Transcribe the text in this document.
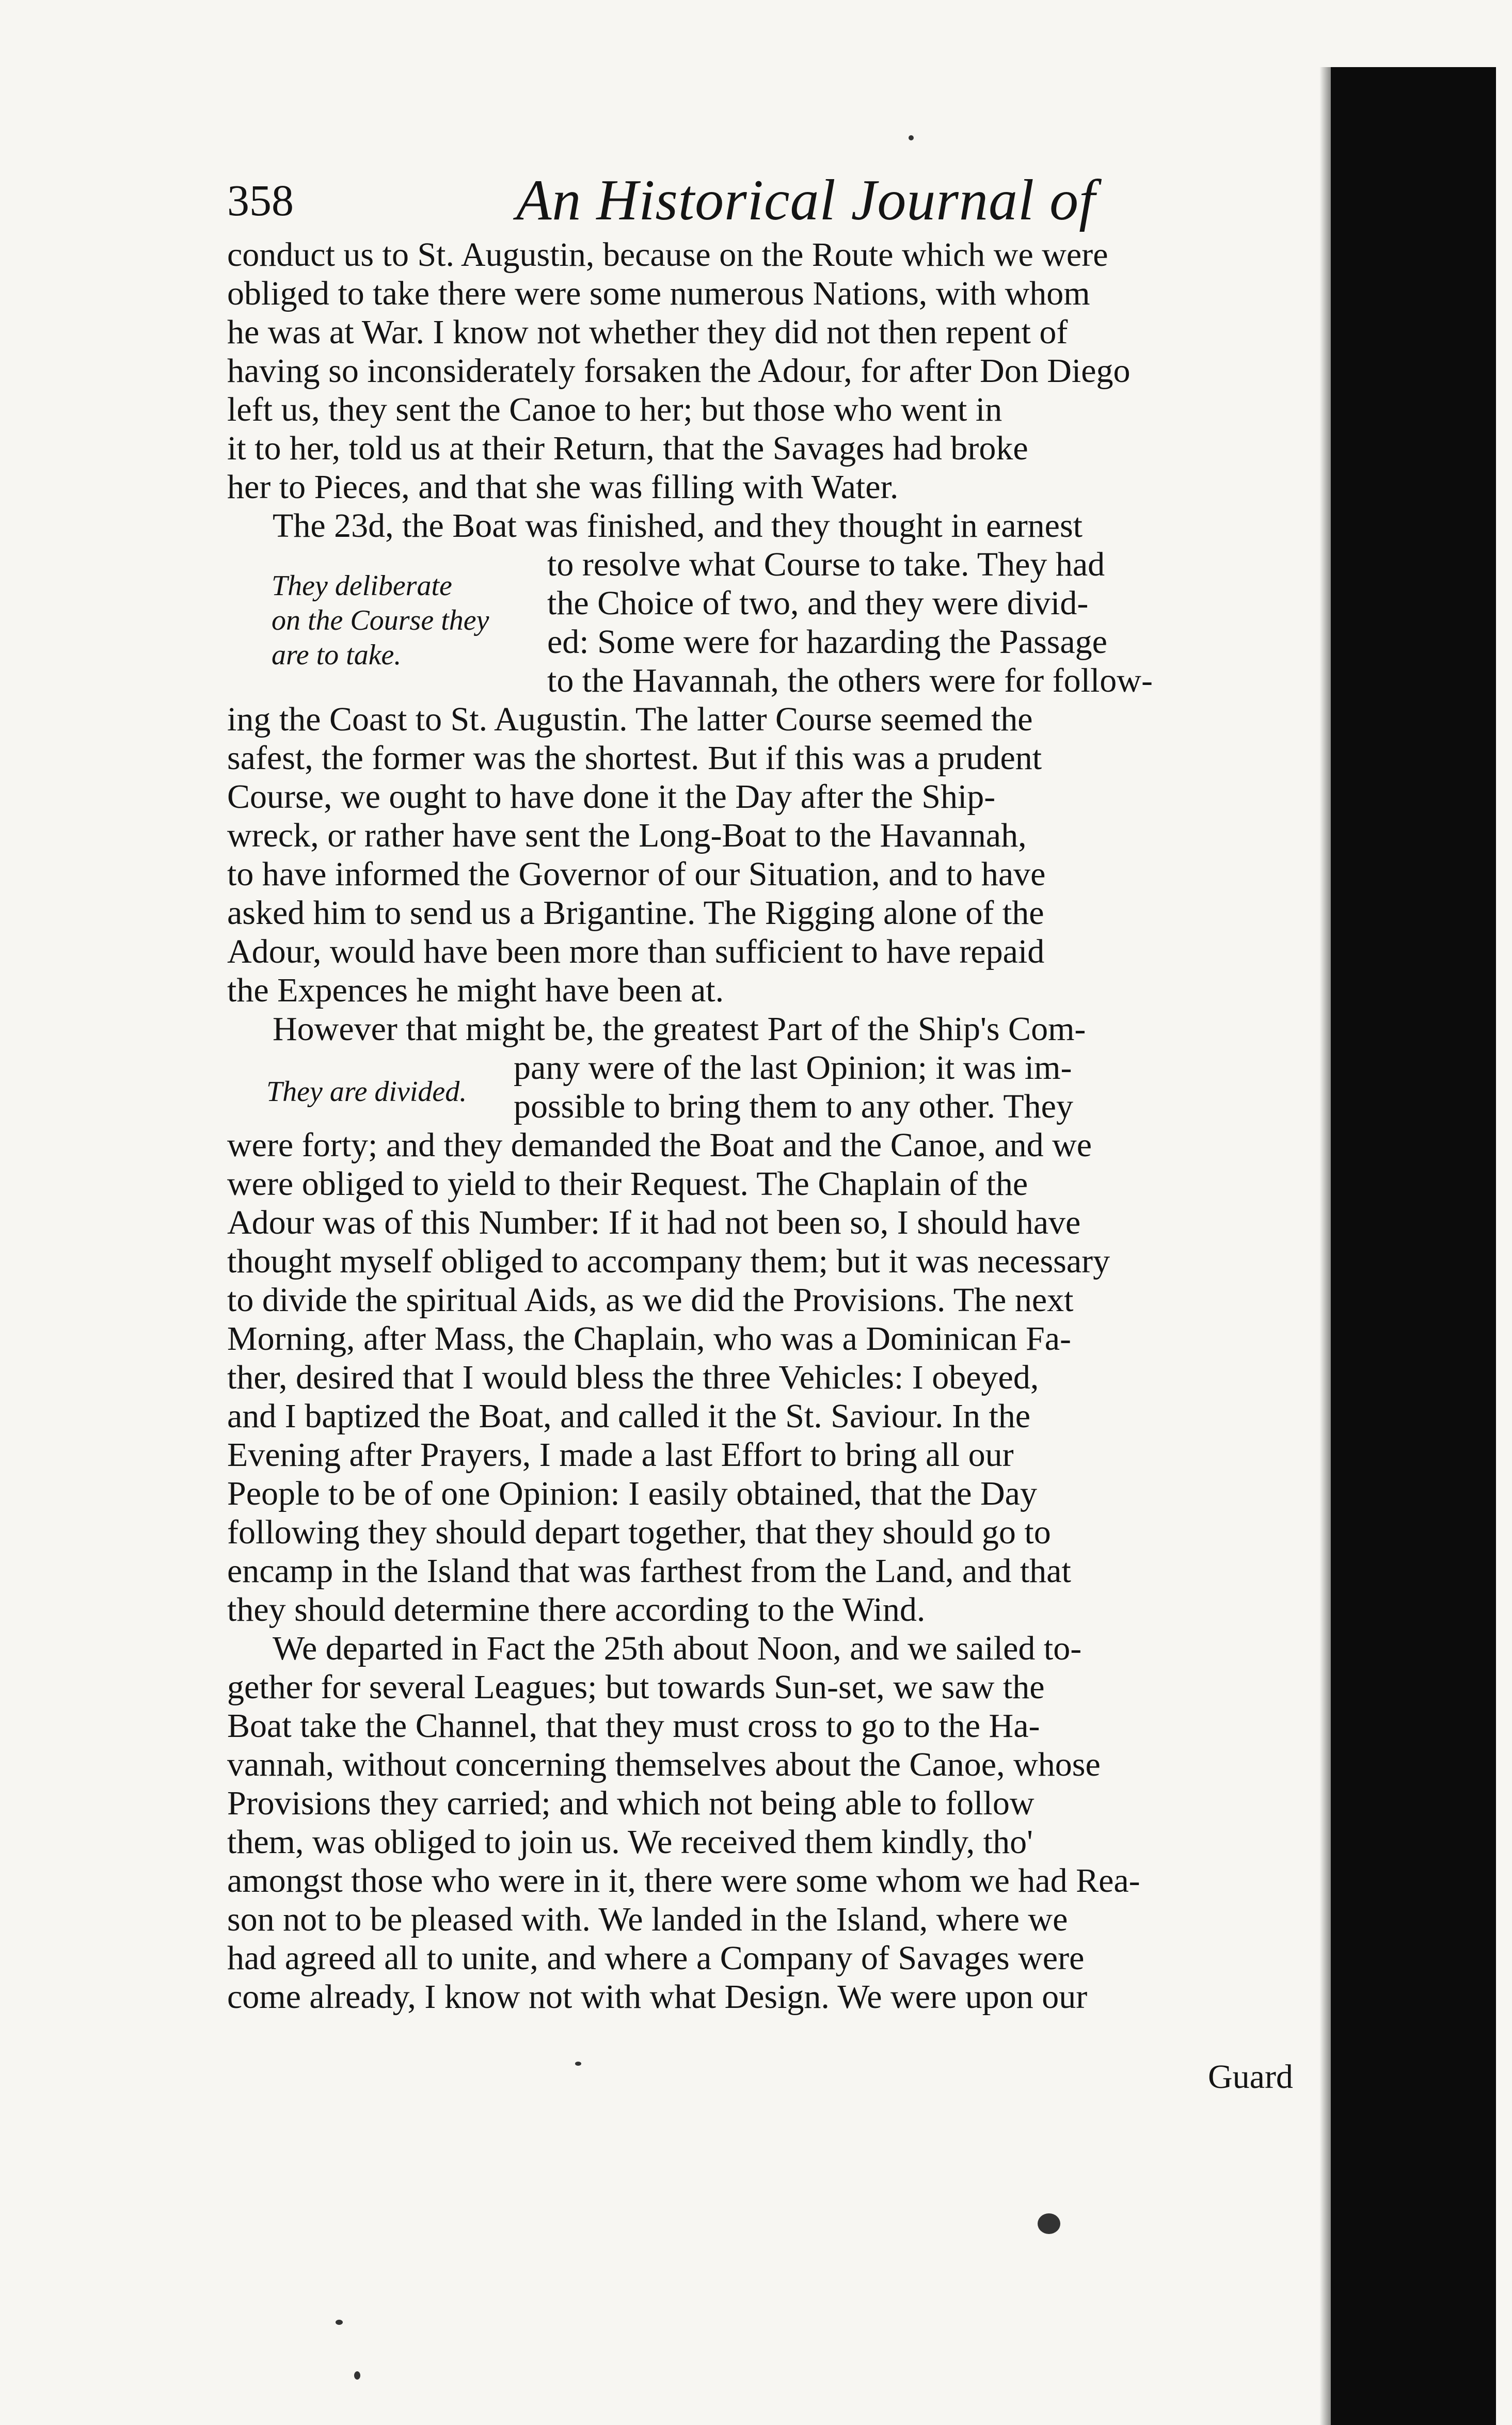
358	An Historical Journal of
They deliberate
on the Course they
are to take.
They are divided.
conduct us to St. Augustin, because on the Route which we were
obliged to take there were some numerous Nations, with whom
he was at War. I know not whether they did not then repent of
having so inconsiderately forsaken the Adour, for after Don Diego
left us, they sent the Canoe to her; but those who went in
it to her, told us at their Return, that the Savages had broke
her to Pieces, and that she was filling with Water.
The 23d, the Boat was finished, and they thought in earnest
to resolve what Course to take. They had
the Choice of two, and they were divid-
ed: Some were for hazarding the Passage
to the Havannah, the others were for follow-
ing the Coast to St. Augustin. The latter Course seemed the
safest, the former was the shortest. But if this was a prudent
Course, we ought to have done it the Day after the Ship-
wreck, or rather have sent the Long-Boat to the Havannah,
to have informed the Governor of our Situation, and to have
asked him to send us a Brigantine. The Rigging alone of the
Adour, would have been more than sufficient to have repaid
the Expences he might have been at.
However that might be, the greatest Part of the Ship's Com-
pany were of the last Opinion; it was im-
possible to bring them to any other. They
were forty; and they demanded the Boat and the Canoe, and we
were obliged to yield to their Request. The Chaplain of the
Adour was of this Number: If it had not been so, I should have
thought myself obliged to accompany them; but it was necessary
to divide the spiritual Aids, as we did the Provisions. The next
Morning, after Mass, the Chaplain, who was a Dominican Fa-
ther, desired that I would bless the three Vehicles: I obeyed,
and I baptized the Boat, and called it the St. Saviour. In the
Evening after Prayers, I made a last Effort to bring all our
People to be of one Opinion: I easily obtained, that the Day
following they should depart together, that they should go to
encamp in the Island that was farthest from the Land, and that
they should determine there according to the Wind.
We departed in Fact the 25th about Noon, and we sailed to-
gether for several Leagues; but towards Sun-set, we saw the
Boat take the Channel, that they must cross to go to the Ha-
vannah, without concerning themselves about the Canoe, whose
Provisions they carried; and which not being able to follow
them, was obliged to join us. We received them kindly, tho'
amongst those who were in it, there were some whom we had Rea-
son not to be pleased with. We landed in the Island, where we
had agreed all to unite, and where a Company of Savages were
come already, I know not with what Design. We were upon our
Guard
